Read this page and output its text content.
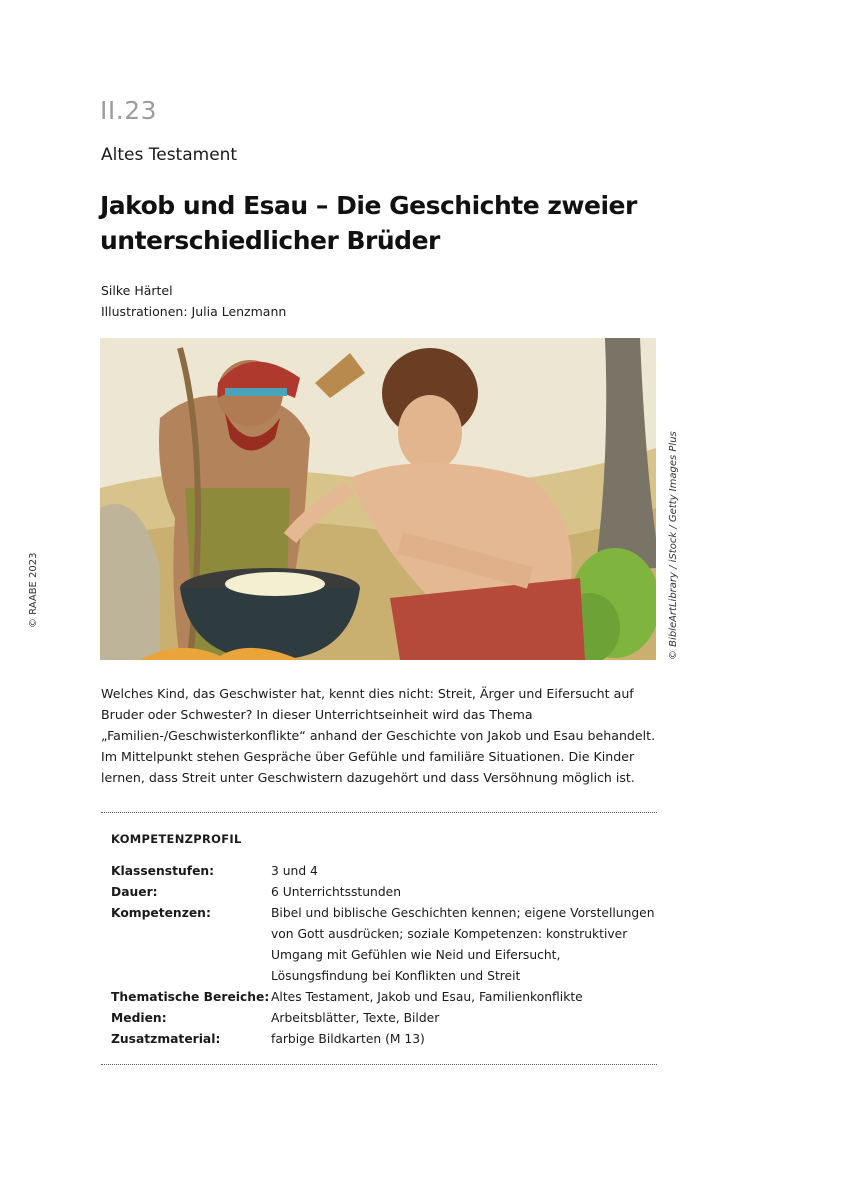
II.23
Altes Testament
Jakob und Esau – Die Geschichte zweier unterschiedlicher Brüder
Silke Härtel
Illustrationen: Julia Lenzmann
© RAABE 2023	© BibleArtLibrary / iStock / Getty Images Plus
Welches Kind, das Geschwister hat, kennt dies nicht: Streit, Ärger und Eifersucht auf Bruder oder Schwester? In dieser Unterrichtseinheit wird das Thema „Familien-/Geschwisterkonflikte“ anhand der Geschichte von Jakob und Esau behandelt. Im Mittelpunkt stehen Gespräche über Gefühle und familiäre Situationen. Die Kinder lernen, dass Streit unter Geschwistern dazugehört und dass Versöhnung möglich ist.
KOMPETENZPROFIL
Klassenstufen:	3 und 4
Dauer:	6 Unterrichtsstunden
Kompetenzen:	Bibel und biblische Geschichten kennen; eigene Vorstellungen von Gott ausdrücken; soziale Kompetenzen: konstruktiver Umgang mit Gefühlen wie Neid und Eifersucht, Lösungsfindung bei Konflikten und Streit
Thematische Bereiche: Altes Testament, Jakob und Esau, Familienkonflikte
Medien:	Arbeitsblätter, Texte, Bilder
Zusatzmaterial:	farbige Bildkarten (M 13)
